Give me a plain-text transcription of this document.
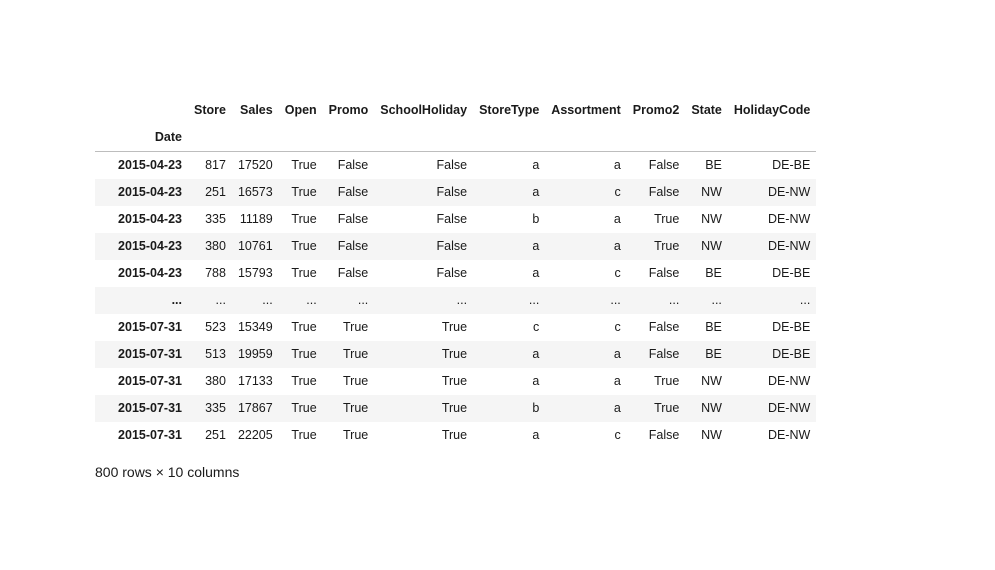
	Store	Sales	Open	Promo	SchoolHoliday	StoreType	Assortment	Promo2	State	HolidayCode
Date										
2015-04-23	817	17520	True	False	False	a	a	False	BE	DE-BE
2015-04-23	251	16573	True	False	False	a	c	False	NW	DE-NW
2015-04-23	335	11189	True	False	False	b	a	True	NW	DE-NW
2015-04-23	380	10761	True	False	False	a	a	True	NW	DE-NW
2015-04-23	788	15793	True	False	False	a	c	False	BE	DE-BE
...	...	...	...	...	...	...	...	...	...	...
2015-07-31	523	15349	True	True	True	c	c	False	BE	DE-BE
2015-07-31	513	19959	True	True	True	a	a	False	BE	DE-BE
2015-07-31	380	17133	True	True	True	a	a	True	NW	DE-NW
2015-07-31	335	17867	True	True	True	b	a	True	NW	DE-NW
2015-07-31	251	22205	True	True	True	a	c	False	NW	DE-NW
800 rows × 10 columns
